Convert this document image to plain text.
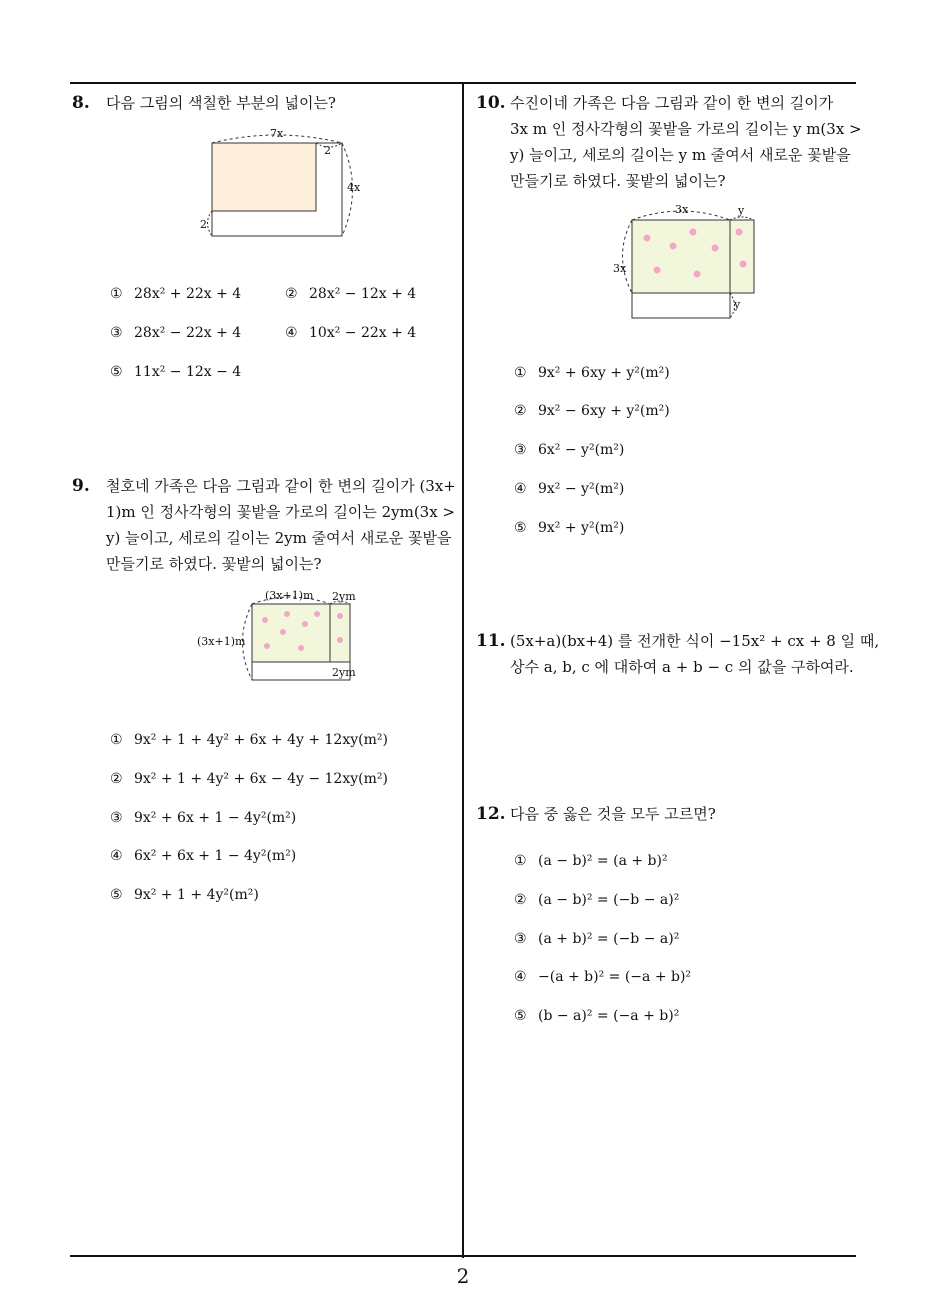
8. 다음 그림의 색칠한 부분의 넓이는?
7x
2
4x
2
① 28x² + 22x + 4	② 28x² − 12x + 4
③ 28x² − 22x + 4	④ 10x² − 22x + 4
⑤ 11x² − 12x − 4
9. 철호네 가족은 다음 그림과 같이 한 변의 길이가 (3x+
1)m 인 정사각형의 꽃밭을 가로의 길이는 2ym(3x >
y) 늘이고, 세로의 길이는 2ym 줄여서 새로운 꽃밭을
만들기로 하였다. 꽃밭의 넓이는?
(3x+1)m 2ym
(3x+1)m
2ym
① 9x² + 1 + 4y² + 6x + 4y + 12xy(m²)
② 9x² + 1 + 4y² + 6x − 4y − 12xy(m²)
③ 9x² + 6x + 1 − 4y²(m²)
④ 6x² + 6x + 1 − 4y²(m²)
⑤ 9x² + 1 + 4y²(m²)
10. 수진이네 가족은 다음 그림과 같이 한 변의 길이가
3x m 인 정사각형의 꽃밭을 가로의 길이는 y m(3x >
y) 늘이고, 세로의 길이는 y m 줄여서 새로운 꽃밭을
만들기로 하였다. 꽃밭의 넓이는?
3x	y
3x
y
① 9x² + 6xy + y²(m²)
② 9x² − 6xy + y²(m²)
③ 6x² − y²(m²)
④ 9x² − y²(m²)
⑤ 9x² + y²(m²)
11. (5x+a)(bx+4) 를 전개한 식이 −15x² + cx + 8 일 때,
상수 a, b, c 에 대하여 a + b − c 의 값을 구하여라.
12. 다음 중 옳은 것을 모두 고르면?
① (a − b)² = (a + b)²
② (a − b)² = (−b − a)²
③ (a + b)² = (−b − a)²
④ −(a + b)² = (−a + b)²
⑤ (b − a)² = (−a + b)²
2
